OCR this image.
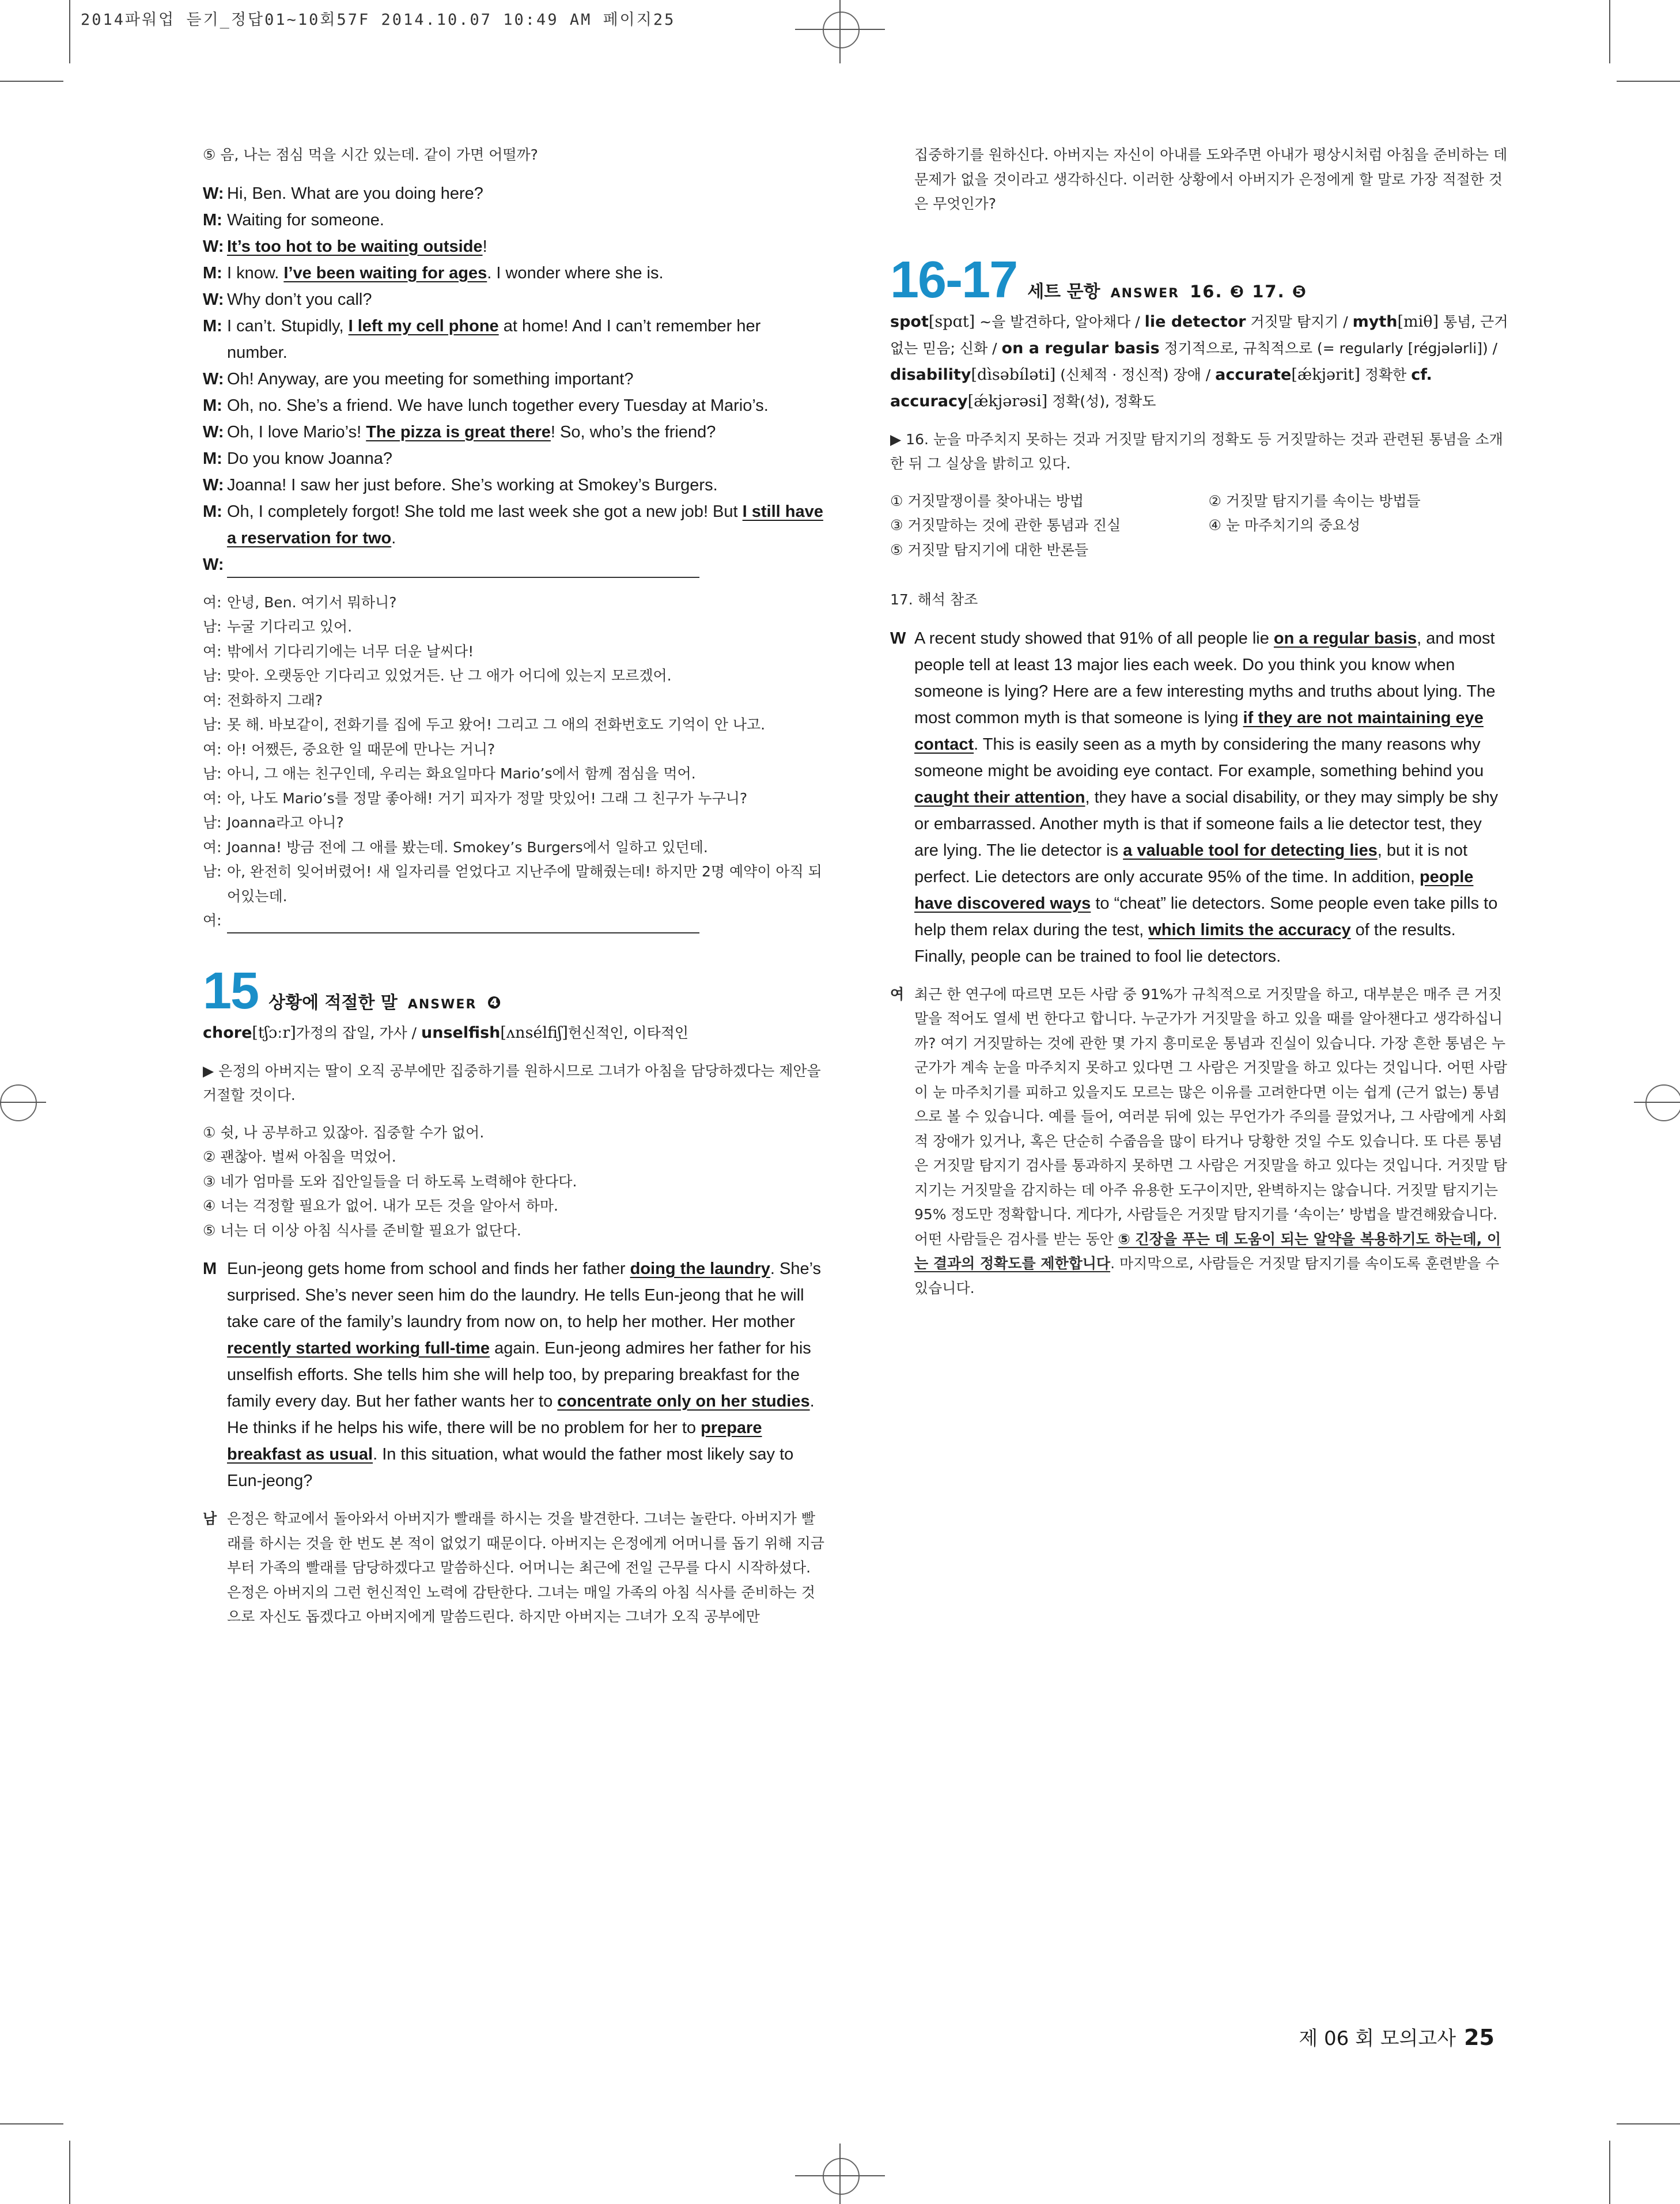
2014파워업 듣기_정답01~10회57F 2014.10.07 10:49 AM 페이지25

⑤ 음, 나는 점심 먹을 시간 있는데. 같이 가면 어떨까?

W: Hi, Ben. What are you doing here?

M: Waiting for someone.

W: It’s too hot to be waiting outside!

M: I know. I’ve been waiting for ages. I wonder where she is.

W: Why don’t you call?

M: I can’t. Stupidly, I left my cell phone at home! And I can’t remember her number.

W: Oh! Anyway, are you meeting for something important?

M: Oh, no. She’s a friend. We have lunch together every Tuesday at Mario’s.

W: Oh, I love Mario’s! The pizza is great there! So, who’s the friend?

M: Do you know Joanna?

W: Joanna! I saw her just before. She’s working at Smokey’s Burgers.

M: Oh, I completely forgot! She told me last week she got a new job! But I still have a reservation for two.

W:

여: 안녕, Ben. 여기서 뭐하니?

남: 누굴 기다리고 있어.

여: 밖에서 기다리기에는 너무 더운 날씨다!

남: 맞아. 오랫동안 기다리고 있었거든. 난 그 애가 어디에 있는지 모르겠어.

여: 전화하지 그래?

남: 못 해. 바보같이, 전화기를 집에 두고 왔어! 그리고 그 애의 전화번호도 기억이 안 나고.

여: 아! 어쨌든, 중요한 일 때문에 만나는 거니?

남: 아니, 그 애는 친구인데, 우리는 화요일마다 Mario’s에서 함께 점심을 먹어.

여: 아, 나도 Mario’s를 정말 좋아해! 거기 피자가 정말 맛있어! 그래 그 친구가 누구니?

남: Joanna라고 아니?

여: Joanna! 방금 전에 그 애를 봤는데. Smokey’s Burgers에서 일하고 있던데.

남: 아, 완전히 잊어버렸어! 새 일자리를 얻었다고 지난주에 말해줬는데! 하지만 2명 예약이 아직 되어있는데.

여:

15 상황에 적절한 말 ANSWER ❹

chore[tʃɔːr]가정의 잡일, 가사 / unselfish[ʌnsélfiʃ]헌신적인, 이타적인

▶ 은정의 아버지는 딸이 오직 공부에만 집중하기를 원하시므로 그녀가 아침을 담당하겠다는 제안을 거절할 것이다.

① 쉿, 나 공부하고 있잖아. 집중할 수가 없어.
② 괜찮아. 벌써 아침을 먹었어.
③ 네가 엄마를 도와 집안일들을 더 하도록 노력해야 한다다.
④ 너는 걱정할 필요가 없어. 내가 모든 것을 알아서 하마.
⑤ 너는 더 이상 아침 식사를 준비할 필요가 없단다.

M Eun-jeong gets home from school and finds her father doing the laundry. She’s surprised. She’s never seen him do the laundry. He tells Eun-jeong that he will take care of the family’s laundry from now on, to help her mother. Her mother recently started working full-time again. Eun-jeong admires her father for his unselfish efforts. She tells him she will help too, by preparing breakfast for the family every day. But her father wants her to concentrate only on her studies. He thinks if he helps his wife, there will be no problem for her to prepare breakfast as usual. In this situation, what would the father most likely say to Eun-jeong?

남 은정은 학교에서 돌아와서 아버지가 빨래를 하시는 것을 발견한다. 그녀는 놀란다. 아버지가 빨래를 하시는 것을 한 번도 본 적이 없었기 때문이다. 아버지는 은정에게 어머니를 돕기 위해 지금부터 가족의 빨래를 담당하겠다고 말씀하신다. 어머니는 최근에 전일 근무를 다시 시작하셨다. 은정은 아버지의 그런 헌신적인 노력에 감탄한다. 그녀는 매일 가족의 아침 식사를 준비하는 것으로 자신도 돕겠다고 아버지에게 말씀드린다. 하지만 아버지는 그녀가 오직 공부에만

집중하기를 원하신다. 아버지는 자신이 아내를 도와주면 아내가 평상시처럼 아침을 준비하는 데 문제가 없을 것이라고 생각하신다. 이러한 상황에서 아버지가 은정에게 할 말로 가장 적절한 것은 무엇인가?

16-17 세트 문항 ANSWER 16. ❸ 17. ❺

spot[spɑt] ~을 발견하다, 알아채다 / lie detector 거짓말 탐지기 / myth[miθ] 통념, 근거 없는 믿음; 신화 / on a regular basis 정기적으로, 규칙적으로 (= regularly [régjələrli]) / disability[dìsəbíləti] (신체적 · 정신적) 장애 / accurate[ǽkjərit] 정확한 cf. accuracy[ǽkjərəsi] 정확(성), 정확도

▶ 16. 눈을 마주치지 못하는 것과 거짓말 탐지기의 정확도 등 거짓말하는 것과 관련된 통념을 소개한 뒤 그 실상을 밝히고 있다.

① 거짓말쟁이를 찾아내는 방법	② 거짓말 탐지기를 속이는 방법들
③ 거짓말하는 것에 관한 통념과 진실	④ 눈 마주치기의 중요성
⑤ 거짓말 탐지기에 대한 반론들

17. 해석 참조

W A recent study showed that 91% of all people lie on a regular basis, and most people tell at least 13 major lies each week. Do you think you know when someone is lying? Here are a few interesting myths and truths about lying. The most common myth is that someone is lying if they are not maintaining eye contact. This is easily seen as a myth by considering the many reasons why someone might be avoiding eye contact. For example, something behind you caught their attention, they have a social disability, or they may simply be shy or embarrassed. Another myth is that if someone fails a lie detector test, they are lying. The lie detector is a valuable tool for detecting lies, but it is not perfect. Lie detectors are only accurate 95% of the time. In addition, people have discovered ways to “cheat” lie detectors. Some people even take pills to help them relax during the test, which limits the accuracy of the results. Finally, people can be trained to fool lie detectors.

여 최근 한 연구에 따르면 모든 사람 중 91%가 규칙적으로 거짓말을 하고, 대부분은 매주 큰 거짓말을 적어도 열세 번 한다고 합니다. 누군가가 거짓말을 하고 있을 때를 알아챈다고 생각하십니까? 여기 거짓말하는 것에 관한 몇 가지 흥미로운 통념과 진실이 있습니다. 가장 흔한 통념은 누군가가 계속 눈을 마주치지 못하고 있다면 그 사람은 거짓말을 하고 있다는 것입니다. 어떤 사람이 눈 마주치기를 피하고 있을지도 모르는 많은 이유를 고려한다면 이는 쉽게 (근거 없는) 통념으로 볼 수 있습니다. 예를 들어, 여러분 뒤에 있는 무언가가 주의를 끌었거나, 그 사람에게 사회적 장애가 있거나, 혹은 단순히 수줍음을 많이 타거나 당황한 것일 수도 있습니다. 또 다른 통념은 거짓말 탐지기 검사를 통과하지 못하면 그 사람은 거짓말을 하고 있다는 것입니다. 거짓말 탐지기는 거짓말을 감지하는 데 아주 유용한 도구이지만, 완벽하지는 않습니다. 거짓말 탐지기는 95% 정도만 정확합니다. 게다가, 사람들은 거짓말 탐지기를 ‘속이는’ 방법을 발견해왔습니다. 어떤 사람들은 검사를 받는 동안 ⑤ 긴장을 푸는 데 도움이 되는 알약을 복용하기도 하는데, 이는 결과의 정확도를 제한합니다. 마지막으로, 사람들은 거짓말 탐지기를 속이도록 훈련받을 수 있습니다.

제 06 회 모의고사 25
